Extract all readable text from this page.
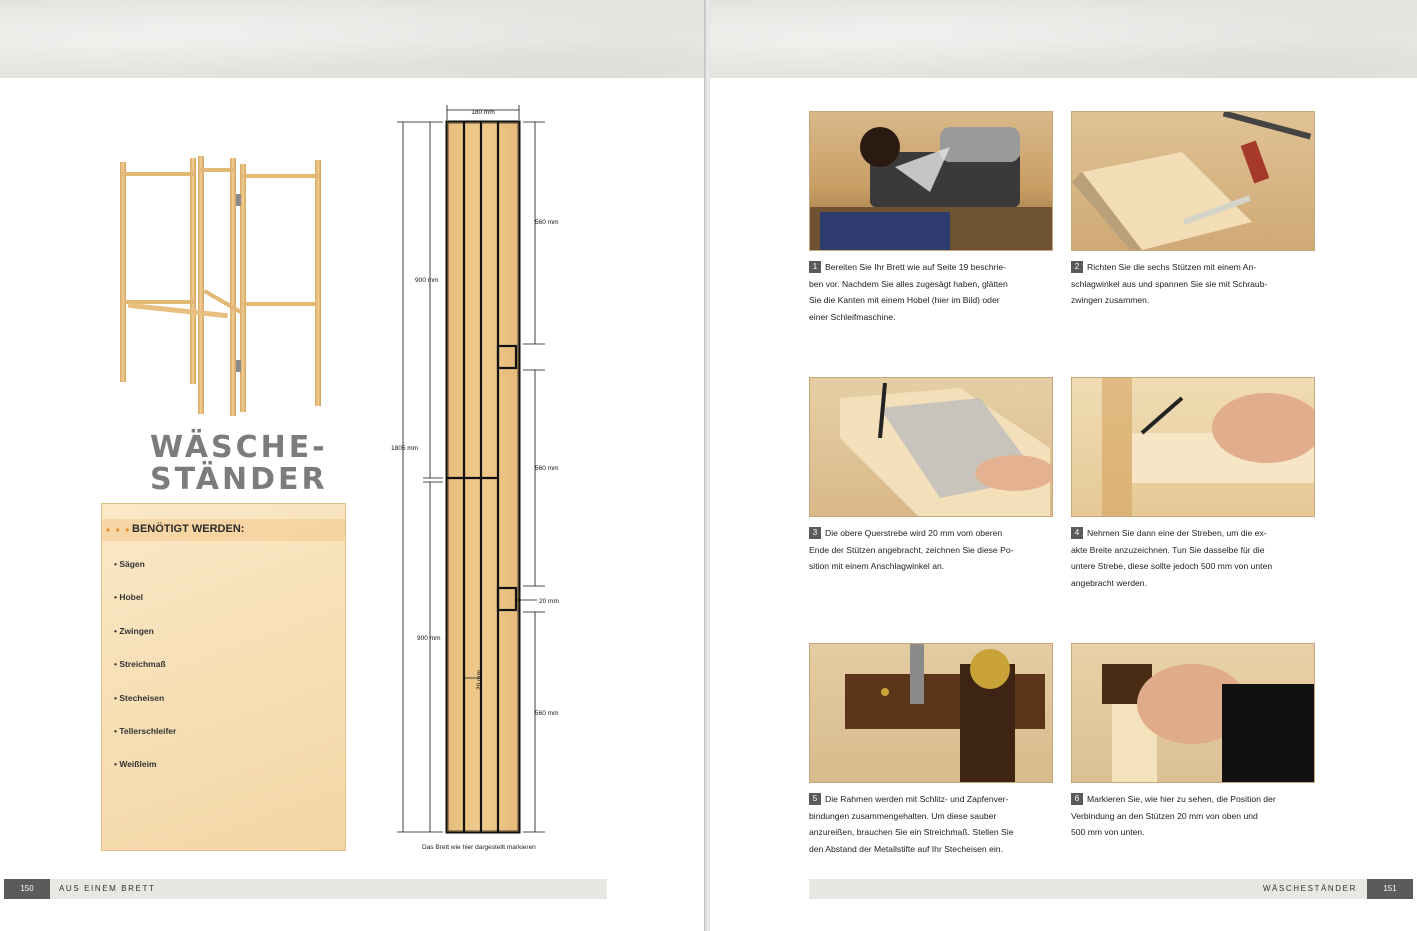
WÄSCHE-
STÄNDER
• • • BENÖTIGT WERDEN:
• Sägen
• Hobel
• Zwingen
• Streichmaß
• Stecheisen
• Tellerschleifer
• Weißleim
180 mm
1805 mm
900 mm
900 mm
560 mm
560 mm
560 mm
20 mm
20 mm
Das Brett wie hier dargestellt markieren
150	AUS EINEM BRETT
1 Bereiten Sie Ihr Brett wie auf Seite 19 beschrie-
ben vor. Nachdem Sie alles zugesägt haben, glätten
Sie die Kanten mit einem Hobel (hier im Bild) oder
einer Schleifmaschine.
2 Richten Sie die sechs Stützen mit einem An-
schlagwinkel aus und spannen Sie sie mit Schraub-
zwingen zusammen.
3 Die obere Querstrebe wird 20 mm vom oberen
Ende der Stützen angebracht, zeichnen Sie diese Po-
sition mit einem Anschlagwinkel an.
4 Nehmen Sie dann eine der Streben, um die ex-
akte Breite anzuzeichnen. Tun Sie dasselbe für die
untere Strebe, diese sollte jedoch 500 mm von unten
angebracht werden.
5 Die Rahmen werden mit Schlitz- und Zapfenver-
bindungen zusammengehalten. Um diese sauber
anzureißen, brauchen Sie ein Streichmaß. Stellen Sie
den Abstand der Metallstifte auf Ihr Stecheisen ein.
6 Markieren Sie, wie hier zu sehen, die Position der
Verbindung an den Stützen 20 mm von oben und
500 mm von unten.
WÄSCHESTÄNDER	151
